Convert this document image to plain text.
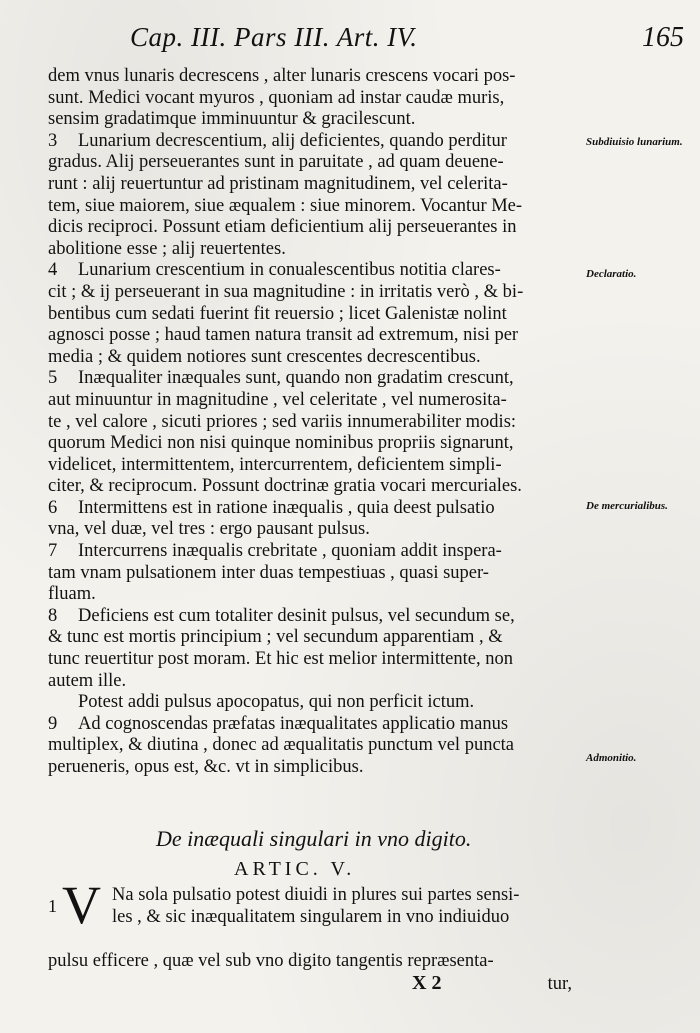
Cap. III. Pars III. Art. IV.	165
dem vnus lunaris decrescens , alter lunaris crescens vocari pos-
sunt. Medici vocant myuros , quoniam ad instar caudæ muris,
sensim gradatimque imminuuntur & gracilescunt.
3 Lunarium decrescentium, alij deficientes, quando perditur
gradus. Alij perseuerantes sunt in paruitate , ad quam deuene-
runt : alij reuertuntur ad pristinam magnitudinem, vel celerita-
tem, siue maiorem, siue æqualem : siue minorem. Vocantur Me-
dicis reciproci. Possunt etiam deficientium alij perseuerantes in
abolitione esse ; alij reuertentes.
4 Lunarium crescentium in conualescentibus notitia clares-
cit ; & ij perseuerant in sua magnitudine : in irritatis verò , & bi-
bentibus cum sedati fuerint fit reuersio ; licet Galenistæ nolint
agnosci posse ; haud tamen natura transit ad extremum, nisi per
media ; & quidem notiores sunt crescentes decrescentibus.
5 Inæqualiter inæquales sunt, quando non gradatim crescunt,
aut minuuntur in magnitudine , vel celeritate , vel numerosita-
te , vel calore , sicuti priores ; sed variis innumerabiliter modis:
quorum Medici non nisi quinque nominibus propriis signarunt,
videlicet, intermittentem, intercurrentem, deficientem simpli-
citer, & reciprocum. Possunt doctrinæ gratia vocari mercuriales.
6 Intermittens est in ratione inæqualis , quia deest pulsatio
vna, vel duæ, vel tres : ergo pausant pulsus.
7 Intercurrens inæqualis crebritate , quoniam addit insperа-
tam vnam pulsationem inter duas tempestiuas , quasi super-
fluam.
8 Deficiens est cum totaliter desinit pulsus, vel secundum se,
& tunc est mortis principium ; vel secundum apparentiam , &
tunc reuertitur post moram. Et hic est melior intermittente, non
autem ille.
Potest addi pulsus apocopatus, qui non perficit ictum.
9 Ad cognoscendas præfatas inæqualitates applicatio manus
multiplex, & diutina , donec ad æqualitatis punctum vel puncta
perueneris, opus est, &c. vt in simplicibus.
Subdiuisio lunarium.
Declaratio.
De mercurialibus.
Admonitio.
De inæquali singulari in vno digito.
ARTIC. V.
1 V Na sola pulsatio potest diuidi in plures sui partes sensi-
les , & sic inæqualitatem singularem in vno indiuiduo
pulsu efficere , quæ vel sub vno digito tangentis repræsenta-
X 2	tur,
